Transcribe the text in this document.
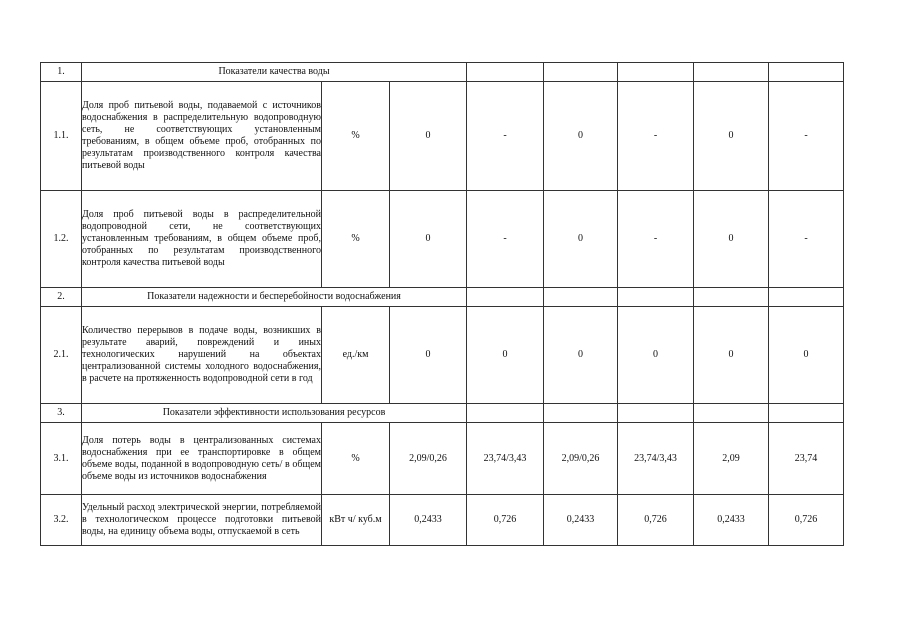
1.	Показатели качества воды							
1.1.	Доля проб питьевой воды, подаваемой с источников водоснабжения в распределительную водопроводную сеть, не соответствующих установленным требованиям, в общем объеме проб, отобранных по результатам производственного контроля качества питьевой воды	%	0	-	0	-	0	-
1.2.	Доля проб питьевой воды в распределительной водопроводной сети, не соответствующих установленным требованиям, в общем объеме проб, отобранных по результатам производственного контроля качества питьевой воды	%	0	-	0	-	0	-
2.	Показатели надежности и бесперебойности водоснабжения							
2.1.	Количество перерывов в подаче воды, возникших в результате аварий, повреждений и иных технологических нарушений на объектах централизованной системы холодного водоснабжения, в расчете на протяженность водопроводной сети в год	ед./км	0	0	0	0	0	0
3.	Показатели эффективности использования ресурсов							
3.1.	Доля потерь воды в централизованных системах водоснабжения при ее транспортировке в общем объеме воды, поданной в водопроводную сеть/ в общем объеме воды из источников водоснабжения	%	2,09/0,26	23,74/3,43	2,09/0,26	23,74/3,43	2,09	23,74
3.2.	Удельный расход электрической энергии, потребляемой в технологическом процессе подготовки питьевой воды, на единицу объема воды, отпускаемой в сеть	кВт ч/ куб.м	0,2433	0,726	0,2433	0,726	0,2433	0,726
